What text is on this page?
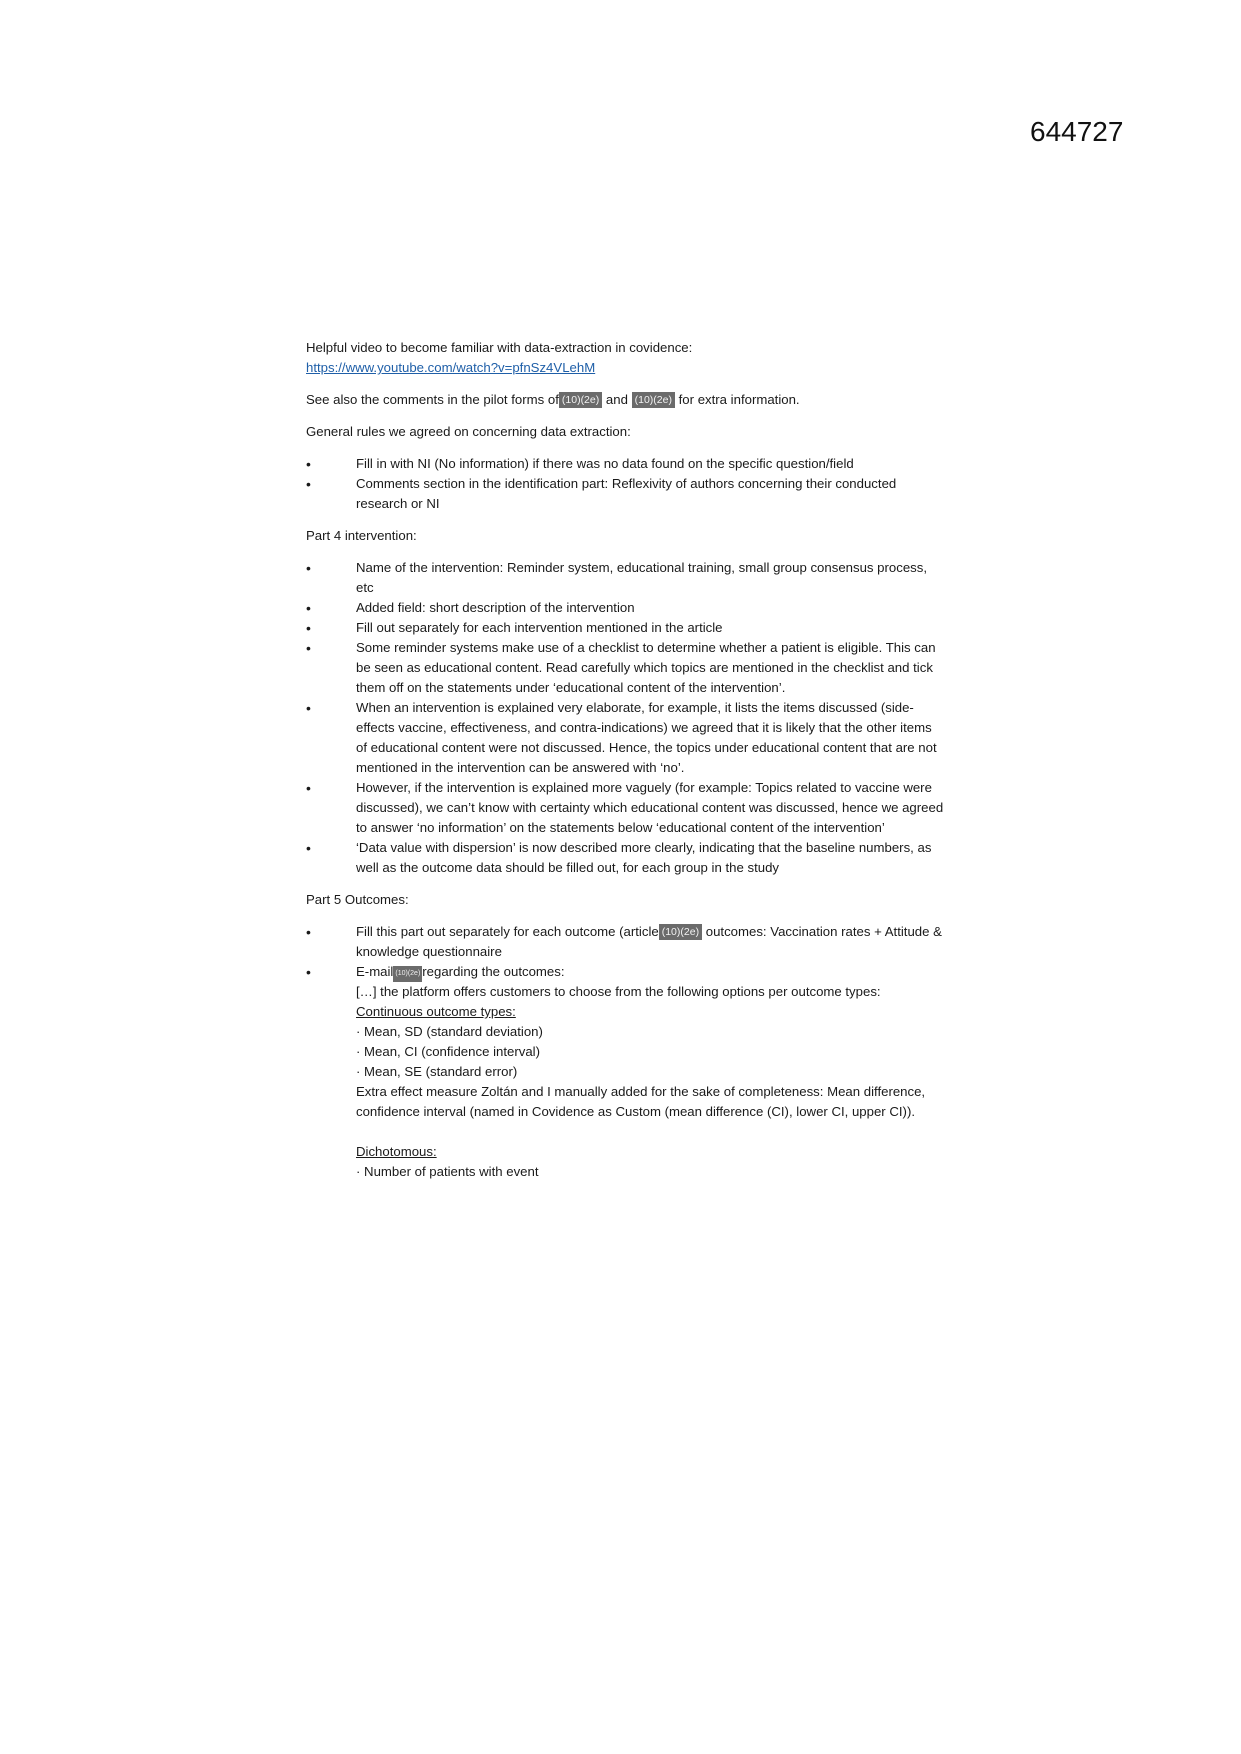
644727

Helpful video to become familiar with data-extraction in covidence:
https://www.youtube.com/watch?v=pfnSz4VLehM

See also the comments in the pilot forms of (10)(2e) and (10)(2e) for extra information.

General rules we agreed on concerning data extraction:

• Fill in with NI (No information) if there was no data found on the specific question/field
• Comments section in the identification part: Reflexivity of authors concerning their conducted research or NI

Part 4 intervention:

• Name of the intervention: Reminder system, educational training, small group consensus process, etc
• Added field: short description of the intervention
• Fill out separately for each intervention mentioned in the article
• Some reminder systems make use of a checklist to determine whether a patient is eligible. This can be seen as educational content. Read carefully which topics are mentioned in the checklist and tick them off on the statements under ‘educational content of the intervention’.
• When an intervention is explained very elaborate, for example, it lists the items discussed (side-effects vaccine, effectiveness, and contra-indications) we agreed that it is likely that the other items of educational content were not discussed. Hence, the topics under educational content that are not mentioned in the intervention can be answered with ‘no’.
• However, if the intervention is explained more vaguely (for example: Topics related to vaccine were discussed), we can’t know with certainty which educational content was discussed, hence we agreed to answer ‘no information’ on the statements below ‘educational content of the intervention’
• ‘Data value with dispersion’ is now described more clearly, indicating that the baseline numbers, as well as the outcome data should be filled out, for each group in the study

Part 5 Outcomes:

• Fill this part out separately for each outcome (article (10)(2e) outcomes: Vaccination rates + Attitude & knowledge questionnaire
• E-mail (10)(2e) regarding the outcomes:
[…] the platform offers customers to choose from the following options per outcome types:
Continuous outcome types:
· Mean, SD (standard deviation)
· Mean, CI (confidence interval)
· Mean, SE (standard error)
Extra effect measure Zoltán and I manually added for the sake of completeness: Mean difference, confidence interval (named in Covidence as Custom (mean difference (CI), lower CI, upper CI)).
Dichotomous:
· Number of patients with event
